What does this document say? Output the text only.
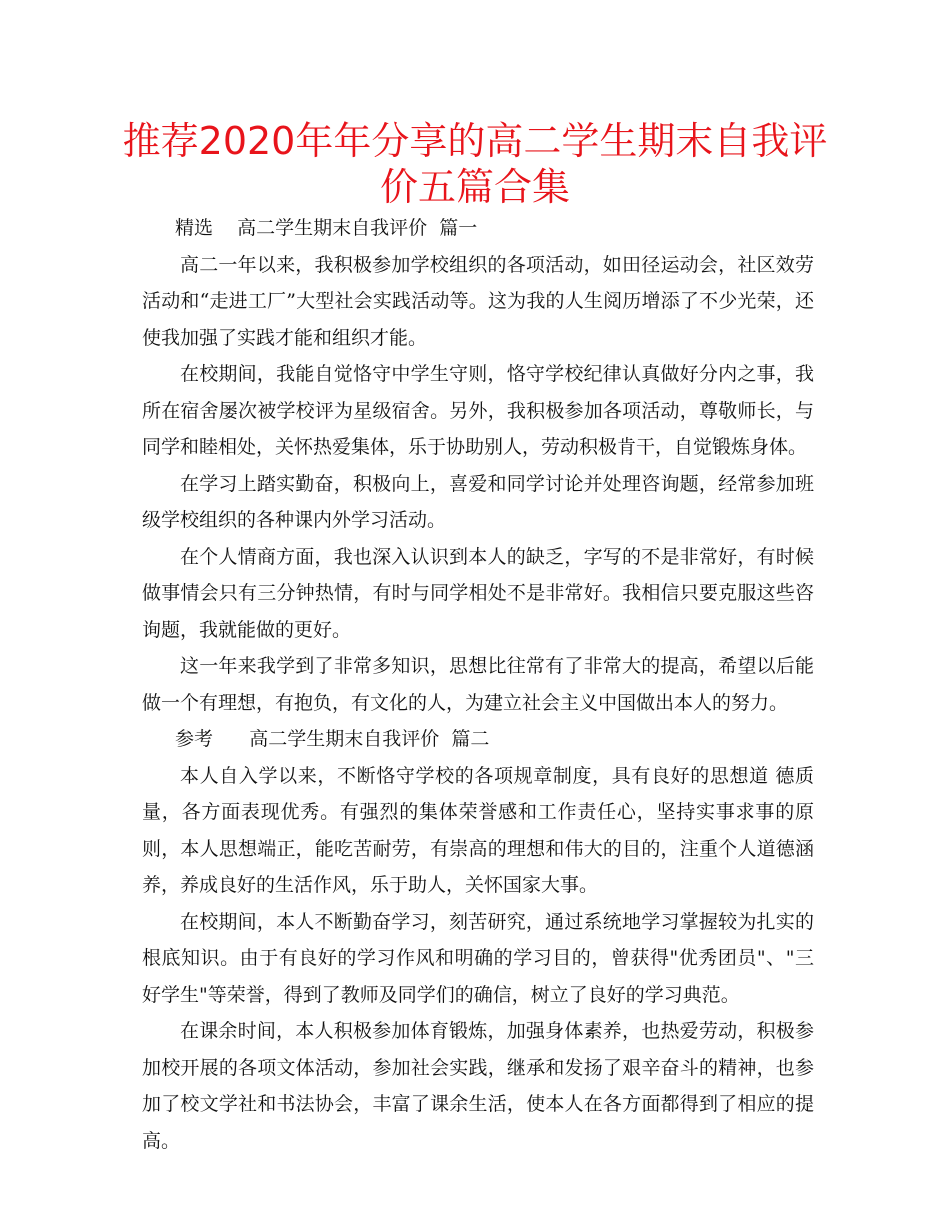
推荐2020年年分享的高二学生期末自我评价五篇合集

精选    高二学生期末自我评价  篇一

高二一年以来，我积极参加学校组织的各项活动，如田径运动会，社区效劳活动和“走进工厂”大型社会实践活动等。这为我的人生阅历增添了不少光荣，还使我加强了实践才能和组织才能。

在校期间，我能自觉恪守中学生守则，恪守学校纪律认真做好分内之事，我所在宿舍屡次被学校评为星级宿舍。另外，我积极参加各项活动，尊敬师长，与同学和睦相处，关怀热爱集体，乐于协助别人，劳动积极肯干，自觉锻炼身体。

在学习上踏实勤奋，积极向上，喜爱和同学讨论并处理咨询题，经常参加班级学校组织的各种课内外学习活动。

在个人情商方面，我也深入认识到本人的缺乏，字写的不是非常好，有时候做事情会只有三分钟热情，有时与同学相处不是非常好。我相信只要克服这些咨询题，我就能做的更好。

这一年来我学到了非常多知识，思想比往常有了非常大的提高，希望以后能做一个有理想，有抱负，有文化的人，为建立社会主义中国做出本人的努力。

参考      高二学生期末自我评价  篇二

本人自入学以来，不断恪守学校的各项规章制度，具有良好的思想道 德质量，各方面表现优秀。有强烈的集体荣誉感和工作责任心，坚持实事求事的原则，本人思想端正，能吃苦耐劳，有崇高的理想和伟大的目的，注重个人道德涵养，养成良好的生活作风，乐于助人，关怀国家大事。

在校期间，本人不断勤奋学习，刻苦研究，通过系统地学习掌握较为扎实的根底知识。由于有良好的学习作风和明确的学习目的，曾获得"优秀团员"、"三好学生"等荣誉，得到了教师及同学们的确信，树立了良好的学习典范。

在课余时间，本人积极参加体育锻炼，加强身体素养，也热爱劳动，积极参加校开展的各项文体活动，参加社会实践，继承和发扬了艰辛奋斗的精神，也参加了校文学社和书法协会，丰富了课余生活，使本人在各方面都得到了相应的提高。
